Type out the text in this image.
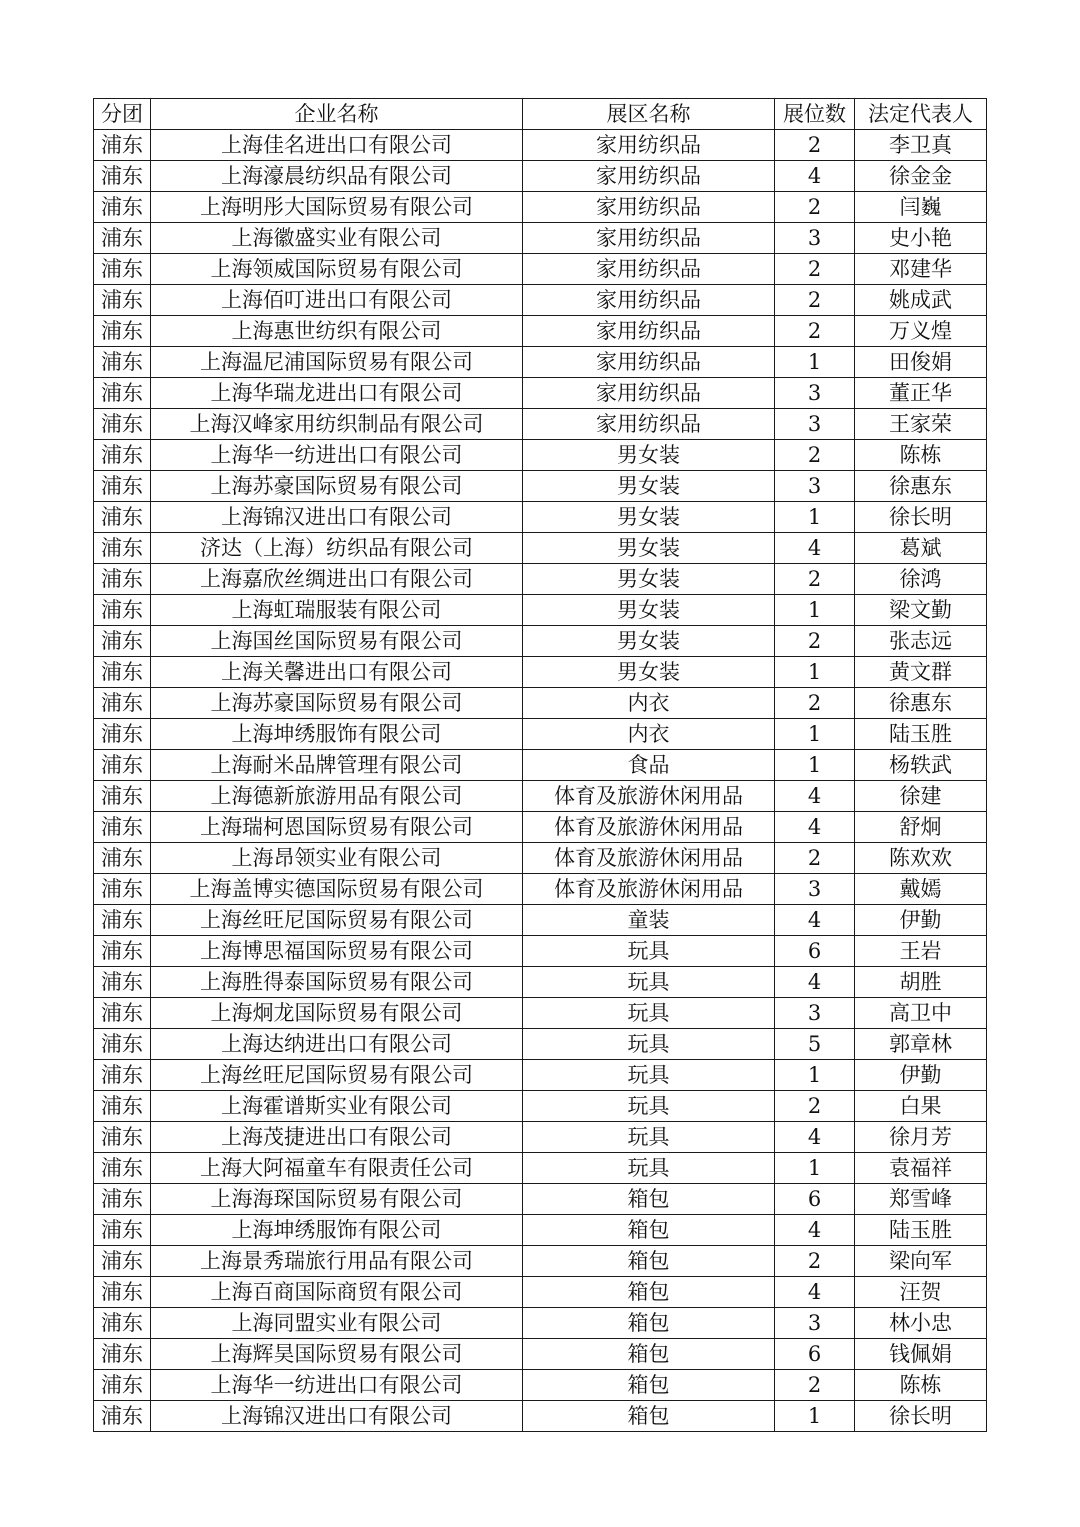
分团	企业名称	展区名称	展位数	法定代表人
浦东	上海佳名进出口有限公司	家用纺织品	2	李卫真
浦东	上海濠晨纺织品有限公司	家用纺织品	4	徐金金
浦东	上海明彤大国际贸易有限公司	家用纺织品	2	闫巍
浦东	上海徽盛实业有限公司	家用纺织品	3	史小艳
浦东	上海领威国际贸易有限公司	家用纺织品	2	邓建华
浦东	上海佰叮进出口有限公司	家用纺织品	2	姚成武
浦东	上海惠世纺织有限公司	家用纺织品	2	万义煌
浦东	上海温尼浦国际贸易有限公司	家用纺织品	1	田俊娟
浦东	上海华瑞龙进出口有限公司	家用纺织品	3	董正华
浦东	上海汉峰家用纺织制品有限公司	家用纺织品	3	王家荣
浦东	上海华一纺进出口有限公司	男女装	2	陈栋
浦东	上海苏豪国际贸易有限公司	男女装	3	徐惠东
浦东	上海锦汉进出口有限公司	男女装	1	徐长明
浦东	济达（上海）纺织品有限公司	男女装	4	葛斌
浦东	上海嘉欣丝绸进出口有限公司	男女装	2	徐鸿
浦东	上海虹瑞服装有限公司	男女装	1	梁文勤
浦东	上海国丝国际贸易有限公司	男女装	2	张志远
浦东	上海关馨进出口有限公司	男女装	1	黄文群
浦东	上海苏豪国际贸易有限公司	内衣	2	徐惠东
浦东	上海坤绣服饰有限公司	内衣	1	陆玉胜
浦东	上海耐米品牌管理有限公司	食品	1	杨轶武
浦东	上海德新旅游用品有限公司	体育及旅游休闲用品	4	徐建
浦东	上海瑞柯恩国际贸易有限公司	体育及旅游休闲用品	4	舒炯
浦东	上海昂领实业有限公司	体育及旅游休闲用品	2	陈欢欢
浦东	上海盖博实德国际贸易有限公司	体育及旅游休闲用品	3	戴嫣
浦东	上海丝旺尼国际贸易有限公司	童装	4	伊勤
浦东	上海博思福国际贸易有限公司	玩具	6	王岩
浦东	上海胜得泰国际贸易有限公司	玩具	4	胡胜
浦东	上海炯龙国际贸易有限公司	玩具	3	高卫中
浦东	上海达纳进出口有限公司	玩具	5	郭章林
浦东	上海丝旺尼国际贸易有限公司	玩具	1	伊勤
浦东	上海霍谱斯实业有限公司	玩具	2	白果
浦东	上海茂捷进出口有限公司	玩具	4	徐月芳
浦东	上海大阿福童车有限责任公司	玩具	1	袁福祥
浦东	上海海琛国际贸易有限公司	箱包	6	郑雪峰
浦东	上海坤绣服饰有限公司	箱包	4	陆玉胜
浦东	上海景秀瑞旅行用品有限公司	箱包	2	梁向军
浦东	上海百商国际商贸有限公司	箱包	4	汪贺
浦东	上海同盟实业有限公司	箱包	3	林小忠
浦东	上海辉昊国际贸易有限公司	箱包	6	钱佩娟
浦东	上海华一纺进出口有限公司	箱包	2	陈栋
浦东	上海锦汉进出口有限公司	箱包	1	徐长明
